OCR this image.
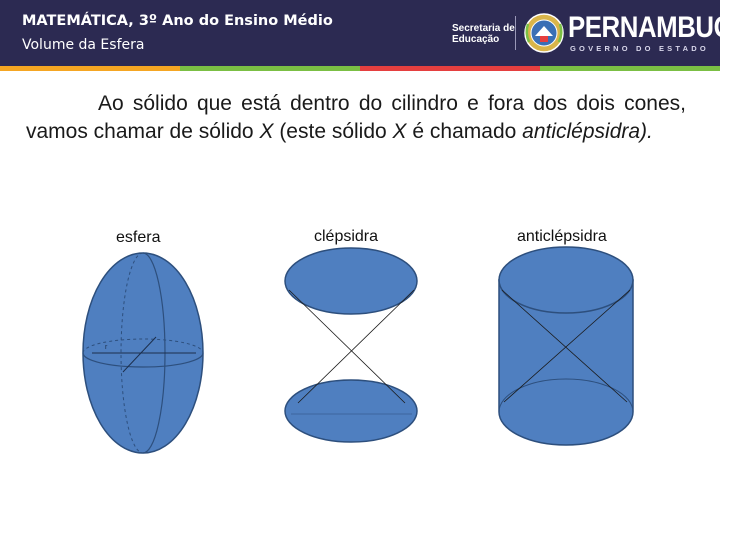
MATEMÁTICA, 3º Ano do Ensino Médio
Volume da Esfera
Secretaria de Educação	PERNAMBUCO
GOVERNO DO ESTADO

Ao sólido que está dentro do cilindro e fora dos dois cones, vamos chamar de sólido X (este sólido X é chamado anticlépsidra).

esfera	clépsidra	anticlépsidra
r
